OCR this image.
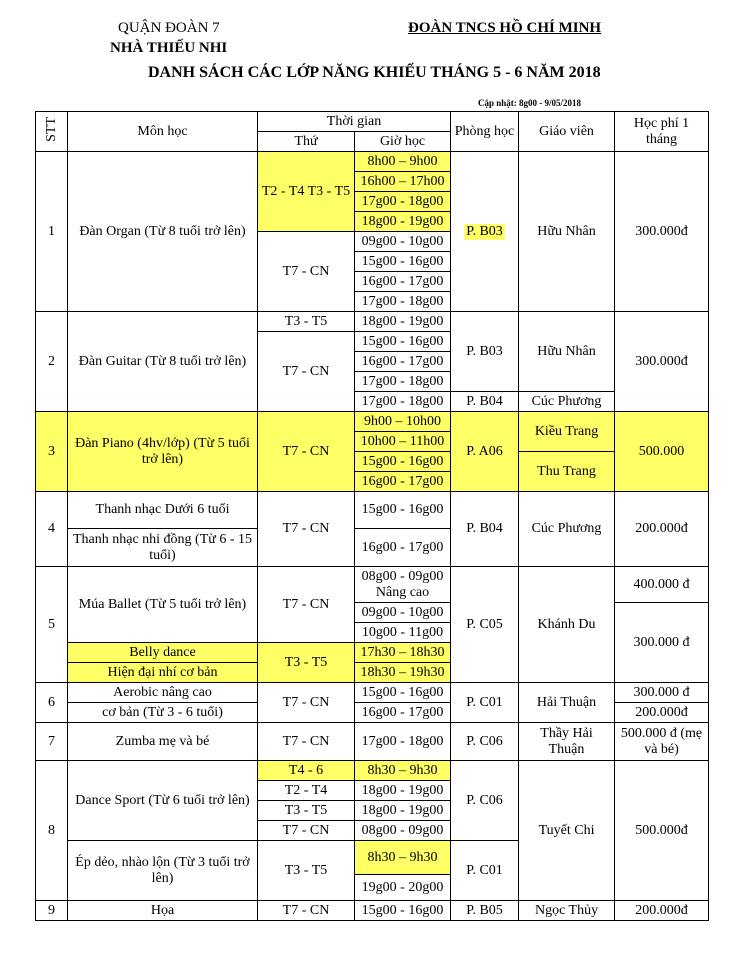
QUẬN ĐOÀN 7
NHÀ THIẾU NHI
ĐOÀN TNCS HỒ CHÍ MINH
DANH SÁCH CÁC LỚP NĂNG KHIẾU THÁNG 5 - 6 NĂM 2018
Cập nhật: 8g00 - 9/05/2018
STT	Môn học	Thời gian		Phòng học	Giáo viên	Học phí 1 tháng
		Thứ	Giờ học			
1	Đàn Organ (Từ 8 tuổi trở lên)	T2 - T4 T3 - T5	8h00 – 9h00	P. B03	Hữu Nhân	300.000đ
			16h00 – 17h00			
			17g00 - 18g00			
			18g00 - 19g00			
		T7 - CN	09g00 - 10g00			
			15g00 - 16g00			
			16g00 - 17g00			
			17g00 - 18g00			
2	Đàn Guitar (Từ 8 tuổi trở lên)	T3 - T5	18g00 - 19g00	P. B03	Hữu Nhân	300.000đ
		T7 - CN	15g00 - 16g00			
			16g00 - 17g00			
			17g00 - 18g00			
			17g00 - 18g00	P. B04	Cúc Phương	
3	Đàn Piano (4hv/lớp) (Từ 5 tuổi trở lên)	T7 - CN	9h00 – 10h00	P. A06	Kiều Trang	500.000
			10h00 – 11h00			
			15g00 - 16g00		Thu Trang	
			16g00 - 17g00			
4	Thanh nhạc Dưới 6 tuổi	T7 - CN	15g00 - 16g00	P. B04	Cúc Phương	200.000đ
	Thanh nhạc nhi đồng (Từ 6 - 15 tuổi)		16g00 - 17g00			
5	Múa Ballet (Từ 5 tuổi trở lên)	T7 - CN	08g00 - 09g00 Nâng cao	P. C05	Khánh Du	400.000 đ
			09g00 - 10g00			300.000 đ
			10g00 - 11g00			
	Belly dance	T3 - T5	17h30 – 18h30			
	Hiện đại nhí cơ bản		18h30 – 19h30			
6	Aerobic nâng cao	T7 - CN	15g00 - 16g00	P. C01	Hải Thuận	300.000 đ
	cơ bản (Từ 3 - 6 tuổi)		16g00 - 17g00			200.000đ
7	Zumba mẹ và bé	T7 - CN	17g00 - 18g00	P. C06	Thầy Hải Thuận	500.000 đ (mẹ và bé)
8	Dance Sport (Từ 6 tuổi trở lên)	T4 - 6	8h30 – 9h30	P. C06	Tuyết Chi	500.000đ
		T2 - T4	18g00 - 19g00			
		T3 - T5	18g00 - 19g00			
		T7 - CN	08g00 - 09g00			
	Ép dẻo, nhào lộn (Từ 3 tuổi trở lên)	T3 - T5	8h30 – 9h30	P. C01		
			19g00 - 20g00			
9	Họa	T7 - CN	15g00 - 16g00	P. B05	Ngọc Thủy	200.000đ
